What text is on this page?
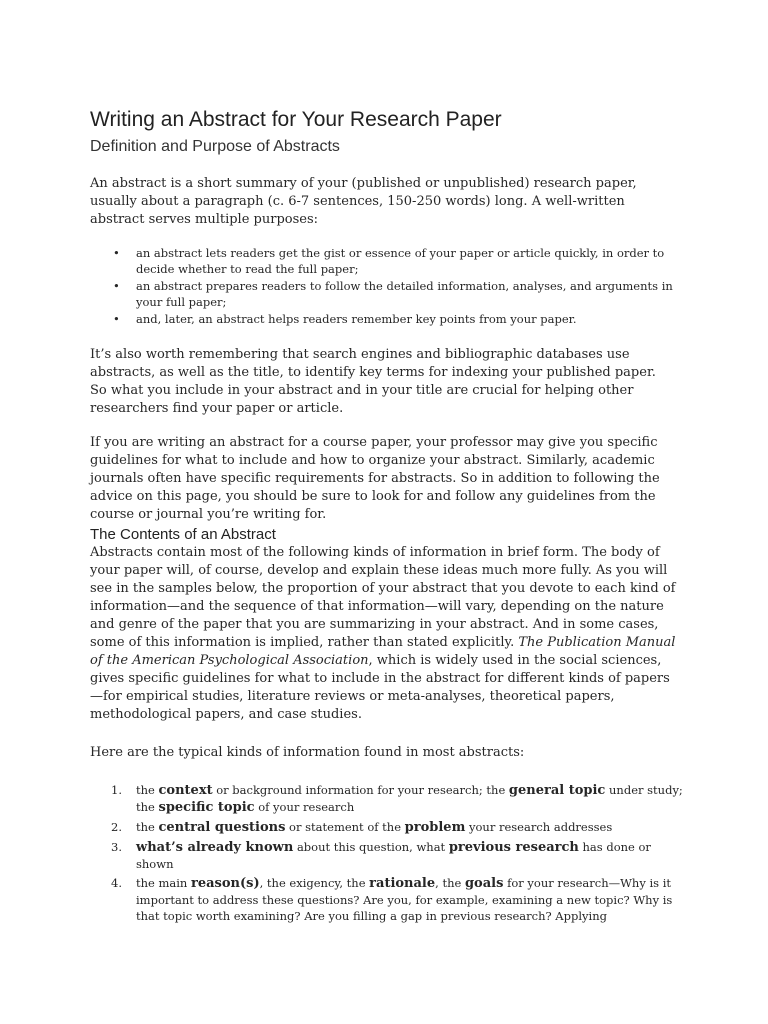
Writing an Abstract for Your Research Paper
Definition and Purpose of Abstracts

An abstract is a short summary of your (published or unpublished) research paper, usually about a paragraph (c. 6-7 sentences, 150-250 words) long. A well-written abstract serves multiple purposes:

• an abstract lets readers get the gist or essence of your paper or article quickly, in order to decide whether to read the full paper;
• an abstract prepares readers to follow the detailed information, analyses, and arguments in your full paper;
• and, later, an abstract helps readers remember key points from your paper.

It’s also worth remembering that search engines and bibliographic databases use abstracts, as well as the title, to identify key terms for indexing your published paper. So what you include in your abstract and in your title are crucial for helping other researchers find your paper or article.

If you are writing an abstract for a course paper, your professor may give you specific guidelines for what to include and how to organize your abstract. Similarly, academic journals often have specific requirements for abstracts. So in addition to following the advice on this page, you should be sure to look for and follow any guidelines from the course or journal you’re writing for.

The Contents of an Abstract

Abstracts contain most of the following kinds of information in brief form. The body of your paper will, of course, develop and explain these ideas much more fully. As you will see in the samples below, the proportion of your abstract that you devote to each kind of information—and the sequence of that information—will vary, depending on the nature and genre of the paper that you are summarizing in your abstract. And in some cases, some of this information is implied, rather than stated explicitly. The Publication Manual of the American Psychological Association, which is widely used in the social sciences, gives specific guidelines for what to include in the abstract for different kinds of papers—for empirical studies, literature reviews or meta-analyses, theoretical papers, methodological papers, and case studies.

Here are the typical kinds of information found in most abstracts:

1. the context or background information for your research; the general topic under study; the specific topic of your research
2. the central questions or statement of the problem your research addresses
3. what’s already known about this question, what previous research has done or shown
4. the main reason(s), the exigency, the rationale, the goals for your research—Why is it important to address these questions? Are you, for example, examining a new topic? Why is that topic worth examining? Are you filling a gap in previous research? Applying
